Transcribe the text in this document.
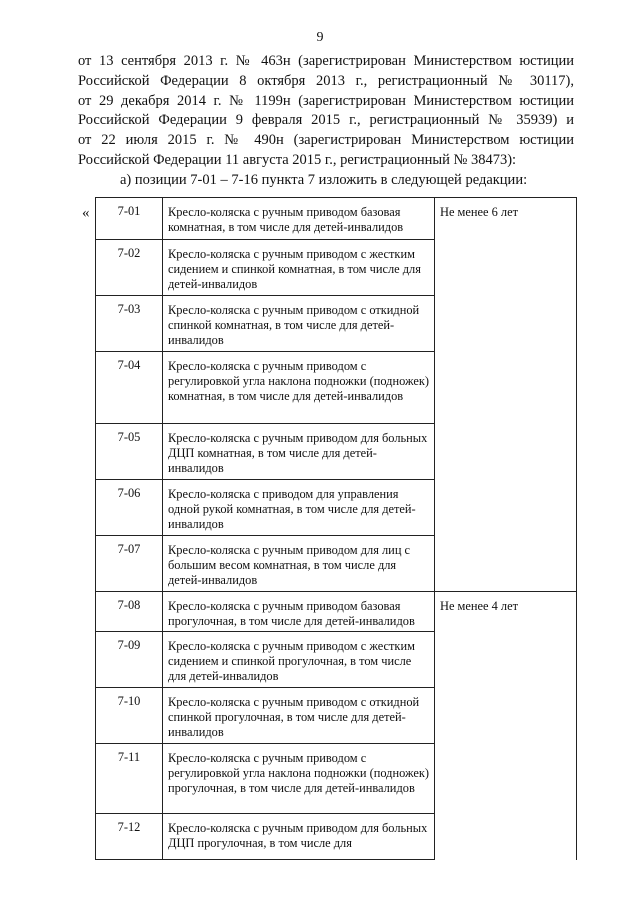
9
от 13 сентября 2013 г. № 463н (зарегистрирован Министерством юстиции
Российской Федерации 8 октября 2013 г., регистрационный № 30117),
от 29 декабря 2014 г. № 1199н (зарегистрирован Министерством юстиции
Российской Федерации 9 февраля 2015 г., регистрационный № 35939) и
от 22 июля 2015 г. № 490н (зарегистрирован Министерством юстиции
Российской Федерации 11 августа 2015 г., регистрационный № 38473):
а) позиции 7-01 – 7-16 пункта 7 изложить в следующей редакции:
«	7-01	Кресло-коляска с ручным приводом базовая комнатная, в том числе для детей-инвалидов	Не менее 6 лет

7-02	Кресло-коляска с ручным приводом с жестким сидением и спинкой комнатная, в том числе для детей-инвалидов	

7-03	Кресло-коляска с ручным приводом с откидной спинкой комнатная, в том числе для детей-инвалидов	

7-04	Кресло-коляска с ручным приводом с регулировкой угла наклона подножки (подножек) комнатная, в том числе для детей-инвалидов	

7-05	Кресло-коляска с ручным приводом для больных ДЦП комнатная, в том числе для детей-инвалидов	

7-06	Кресло-коляска с приводом для управления одной рукой комнатная, в том числе для детей-инвалидов	

7-07	Кресло-коляска с ручным приводом для лиц с большим весом комнатная, в том числе для детей-инвалидов	

7-08	Кресло-коляска с ручным приводом базовая прогулочная, в том числе для детей-инвалидов	Не менее 4 лет

7-09	Кресло-коляска с ручным приводом с жестким сидением и спинкой прогулочная, в том числе для детей-инвалидов	

7-10	Кресло-коляска с ручным приводом с откидной спинкой прогулочная, в том числе для детей-инвалидов	

7-11	Кресло-коляска с ручным приводом с регулировкой угла наклона подножки (подножек) прогулочная, в том числе для детей-инвалидов	

7-12	Кресло-коляска с ручным приводом для больных ДЦП прогулочная, в том числе для	
